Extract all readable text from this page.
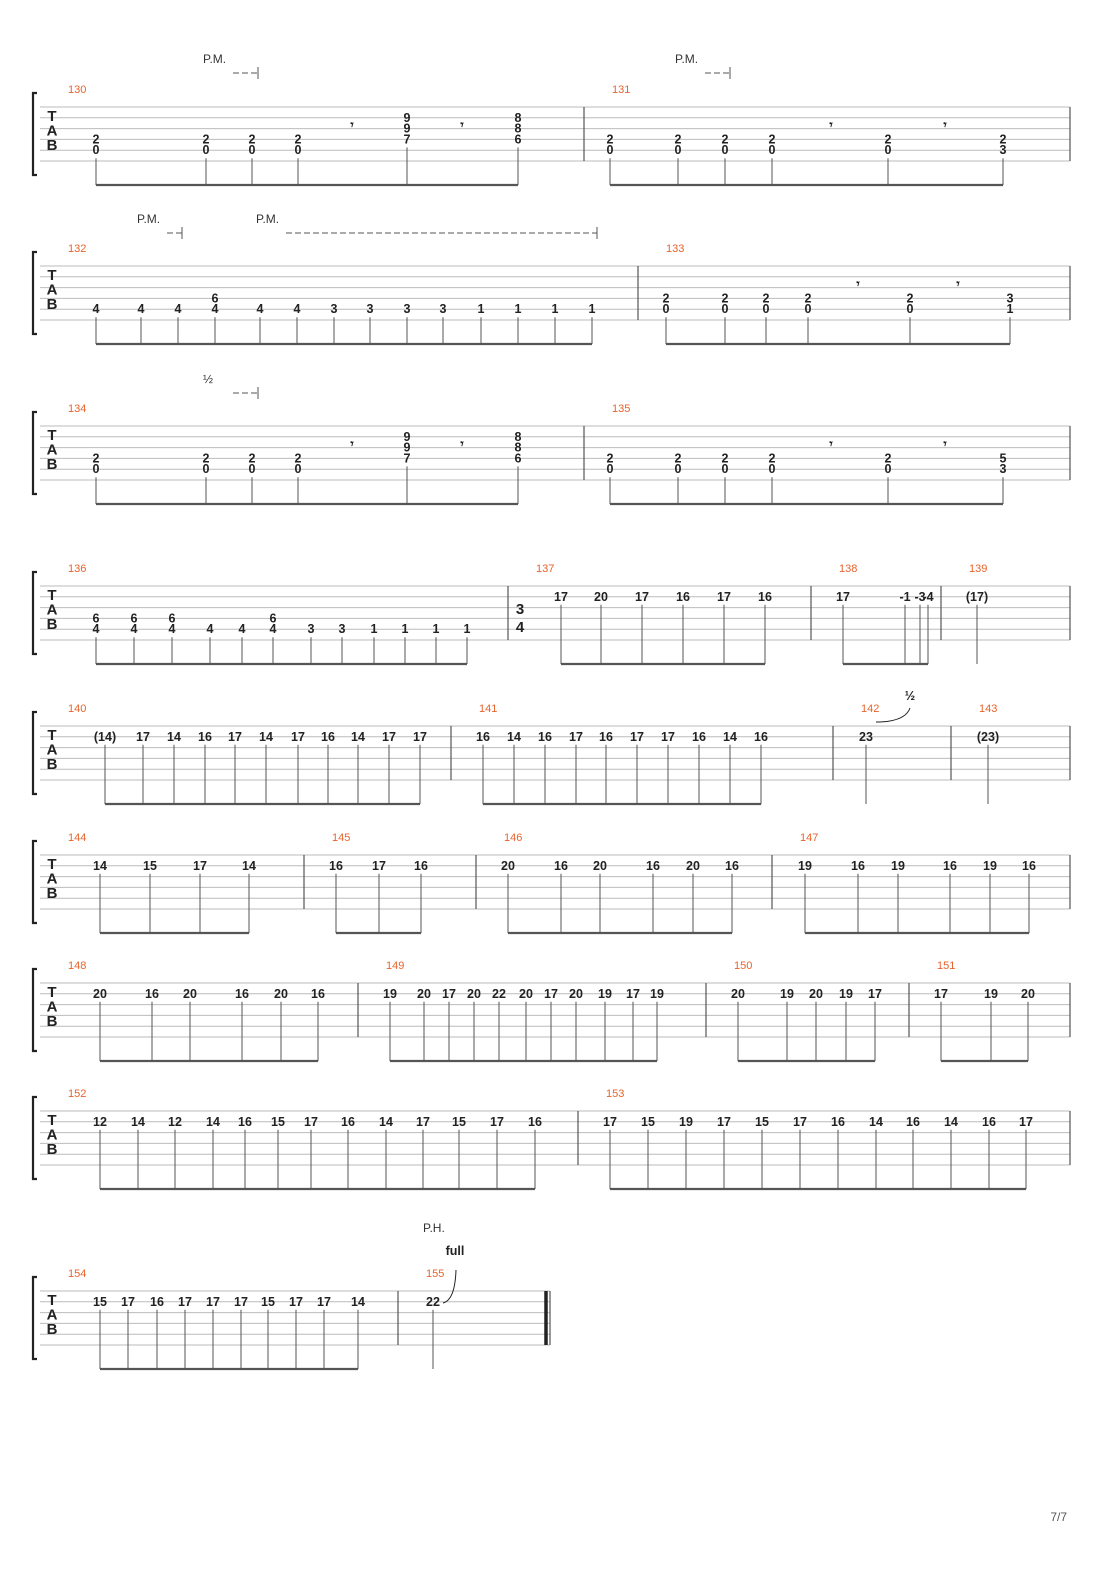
T
A
B
130
2
0
2
0
2
0
2
0
𝄾
9
9
7
𝄾
8
8
6
131
2
0
2
0
2
0
2
0
𝄾
2
0
𝄾
2
3
P.M.
T
A
B
132
4	4 4
6
4	4 4 3 3 3 3 1 1 1 1
133
2
0
2
0
2
0
2
0
𝄾
2
0
𝄾
3
1
P.M.
T
A
B
134
2
0
2
0
2
0
2
0
𝄾
9
9
7
𝄾
8
8
6
135
2
0
2
0
2
0
2
0
𝄾
2
0
𝄾
5
3
P.M.	P.M.
T
A
B
136
6
4
6
4
6
4 4 4
6
4 3 3 1 1 1 1
137
3
4
17 20 17 16 17 16
138
17	-1 -3
-4
139
(17)
T
A
B
140
(14) 17 14 16 17 14 17 16 14 17 17
141
16 14 16 17 16 17 17 16 14 16
142
23
143
(23)
½
½
T
A
B
144
14	15	17	14
145
16 17 16
146
20	16 20	16 20 16
147
19	16 19	16 19 16
T
A
B
148
20	16 20	16 20 16
149
19 20 17 20 22 20 17 20 19 17 19
150
20	19 20 19 17
151
17	19 20
T
A
B
152
12 14 12 14 16 15 17 16 14 17 15 17 16
153
17 15 19 17 15 17 16 14 16 14 16 17
T
A
B
154
15 17 16 17 17 17 15 17 17 14
155
22
P.H.
full
7/7
